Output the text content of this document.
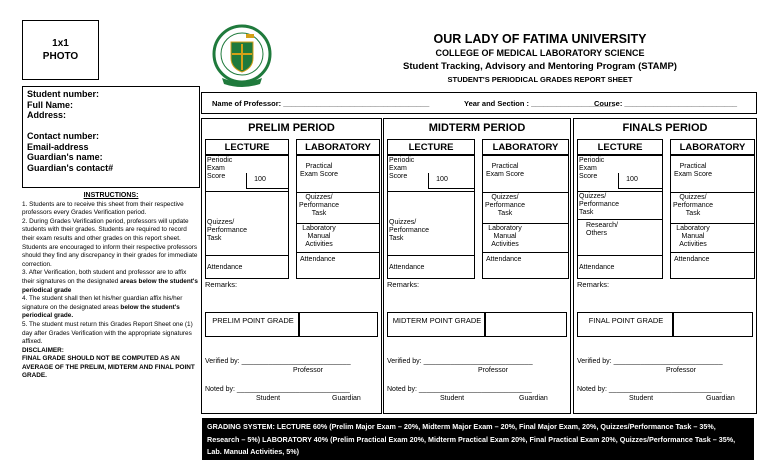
1x1
PHOTO
Student number:
Full Name:
Address:

Contact number:
Email-address
Guardian's name:
Guardian's contact#
INSTRUCTIONS:
1. Students are to receive this sheet from their respective professors every Grades Verification period.
2. During Grades Verification period, professors will update students with their grades. Students are required to record their exam results and other grades on this report sheet. Students are encouraged to inform their respective professors should they find any discrepancy in their grades for immediate correction.
3. After Verification, both student and professor are to affix their signatures on the designated areas below the student's periodical grade
4. The student shall then let his/her guardian affix his/her signature on the designated areas below the student's periodical grade.
5. The student must return this Grades Report Sheet one (1) day after Grades Verification with the appropriate signatures affixed.
DISCLAIMER:
FINAL GRADE SHOULD NOT BE COMPUTED AS AN AVERAGE OF THE PRELIM, MIDTERM AND FINAL POINT GRADE.
OUR LADY OF FATIMA UNIVERSITY
COLLEGE OF MEDICAL LABORATORY SCIENCE
Student Tracking, Advisory and Mentoring Program (STAMP)
STUDENT'S PERIODICAL GRADES REPORT SHEET
Name of Professor: ___________________________________	Year and Section : ____________________
Course: ___________________________
PRELIM PERIOD
LECTURE
Periodic Exam Score	100
Quizzes/ Performance Task
Attendance
LABORATORY
Practical Exam Score
Quizzes/ Performance Task
Laboratory Manual Activities
Attendance
Remarks:
PRELIM POINT GRADE
Verified by: ____________________________
Professor
Noted by: _____________________________
Student	Guardian
MIDTERM PERIOD
LECTURE
Periodic Exam Score	100
Quizzes/ Performance Task
Attendance
LABORATORY
Practical Exam Score
Quizzes/ Performance Task
Laboratory Manual Activities
Attendance
Remarks:
MIDTERM POINT GRADE
Verified by: ____________________________
Professor
Noted by: _____________________________
Student	Guardian
FINALS PERIOD
LECTURE
Periodic Exam Score	100
Quizzes/ Performance Task
Research/ Others
Attendance
LABORATORY
Practical Exam Score
Quizzes/ Performance Task
Laboratory Manual Activities
Attendance
Remarks:
FINAL POINT GRADE
Verified by: ____________________________
Professor
Noted by: _____________________________
Student	Guardian
GRADING SYSTEM: LECTURE 60% (Prelim Major Exam – 20%, Midterm Major Exam – 20%, Final Major Exam, 20%, Quizzes/Performance Task – 35%, Research – 5%) LABORATORY 40% (Prelim Practical Exam 20%, Midterm Practical Exam 20%, Final Practical Exam 20%, Quizzes/Performance Task – 35%, Lab. Manual Activities, 5%)
